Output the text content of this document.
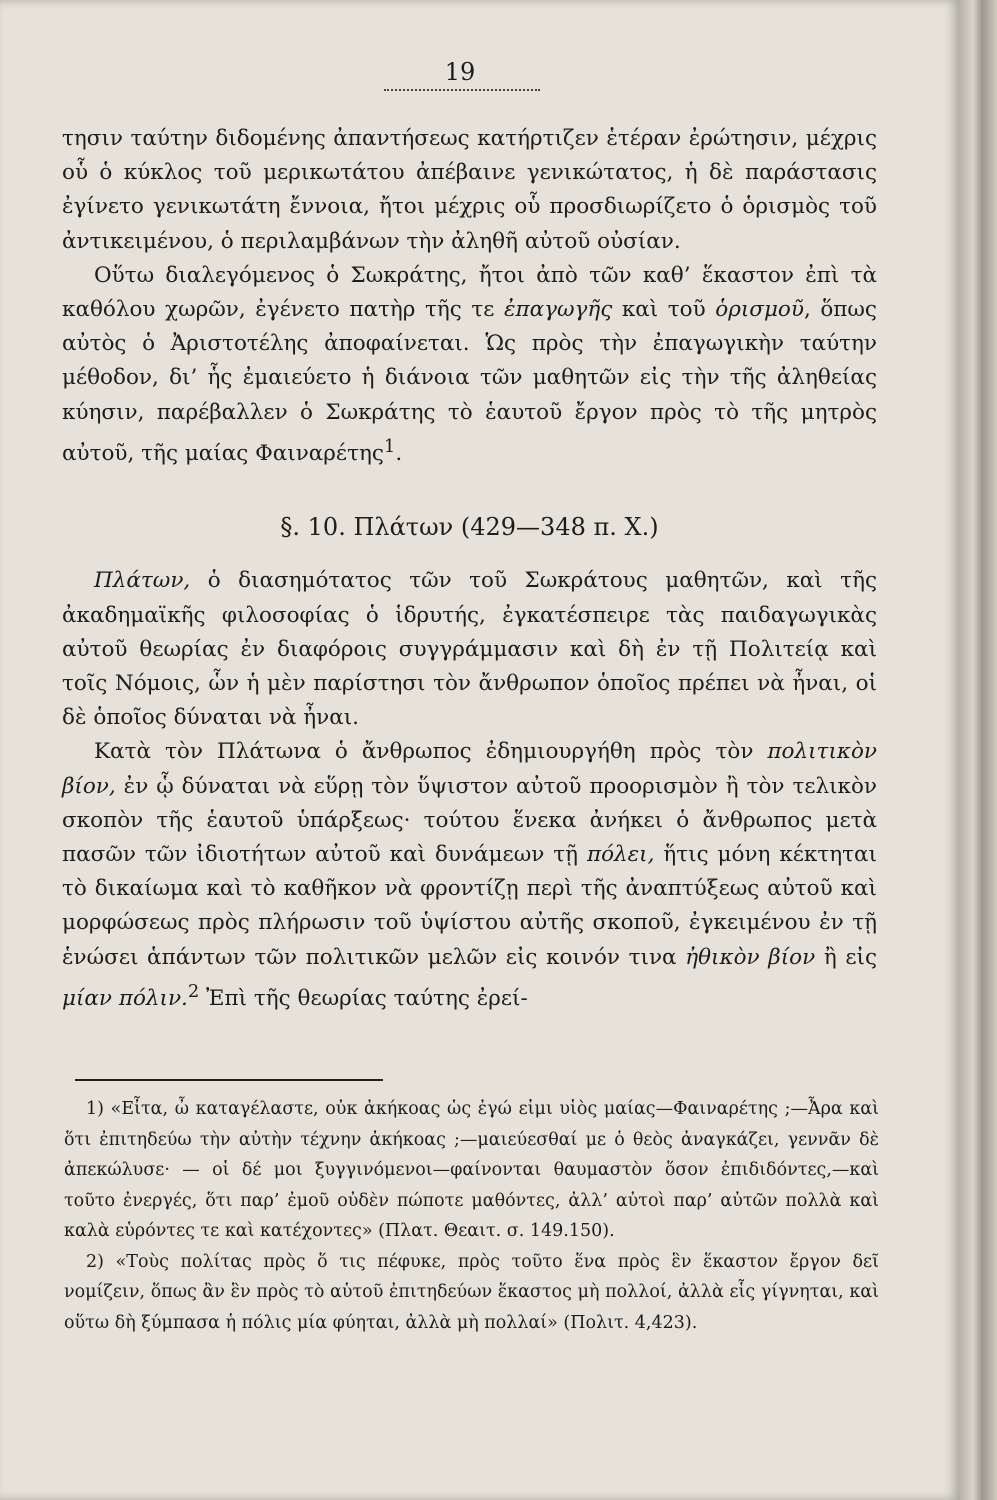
19

τησιν ταύτην διδομένης ἀπαντήσεως κατήρτιζεν ἑτέραν ἐρώτησιν, μέχρις οὗ ὁ κύκλος τοῦ μερικωτάτου ἀπέβαινε γενικώτατος, ἡ δὲ παράστασις ἐγίνετο γενικωτάτη ἔννοια, ἤτοι μέχρις οὗ προσδιωρίζετο ὁ ὁρισμὸς τοῦ ἀντικειμένου, ὁ περιλαμβάνων τὴν ἀληθῆ αὐτοῦ οὐσίαν.

Οὕτω διαλεγόμενος ὁ Σωκράτης, ἤτοι ἀπὸ τῶν καθ’ ἕκαστον ἐπὶ τὰ καθόλου χωρῶν, ἐγένετο πατὴρ τῆς τε ἐπαγωγῆς καὶ τοῦ ὁρισμοῦ, ὅπως αὐτὸς ὁ Ἀριστοτέλης ἀποφαίνεται. Ὡς πρὸς τὴν ἐπαγωγικὴν ταύτην μέθοδον, δι’ ἧς ἐμαιεύετο ἡ διάνοια τῶν μαθητῶν εἰς τὴν τῆς ἀληθείας κύησιν, παρέβαλλεν ὁ Σωκράτης τὸ ἑαυτοῦ ἔργον πρὸς τὸ τῆς μητρὸς αὐτοῦ, τῆς μαίας Φαιναρέτης$^1$.

§. 10. Πλάτων (429—348 π. Χ.)

Πλάτων, ὁ διασημότατος τῶν τοῦ Σωκράτους μαθητῶν, καὶ τῆς ἀκαδημαϊκῆς φιλοσοφίας ὁ ἱδρυτής, ἐγκατέσπειρε τὰς παιδαγωγικὰς αὐτοῦ θεωρίας ἐν διαφόροις συγγράμμασιν καὶ δὴ ἐν τῇ Πολιτείᾳ καὶ τοῖς Νόμοις, ὧν ἡ μὲν παρίστησι τὸν ἄνθρωπον ὁποῖος πρέπει νὰ ἦναι, οἱ δὲ ὁποῖος δύναται νὰ ἦναι.

Κατὰ τὸν Πλάτωνα ὁ ἄνθρωπος ἐδημιουργήθη πρὸς τὸν πολιτικὸν βίον, ἐν ᾧ δύναται νὰ εὕρῃ τὸν ὕψιστον αὐτοῦ προορισμὸν ἢ τὸν τελικὸν σκοπὸν τῆς ἑαυτοῦ ὑπάρξεως· τούτου ἕνεκα ἀνήκει ὁ ἄνθρωπος μετὰ πασῶν τῶν ἰδιοτήτων αὐτοῦ καὶ δυνάμεων τῇ πόλει, ἥτις μόνη κέκτηται τὸ δικαίωμα καὶ τὸ καθῆκον νὰ φροντίζῃ περὶ τῆς ἀναπτύξεως αὐτοῦ καὶ μορφώσεως πρὸς πλήρωσιν τοῦ ὑψίστου αὐτῆς σκοποῦ, ἐγκειμένου ἐν τῇ ἑνώσει ἁπάντων τῶν πολιτικῶν μελῶν εἰς κοινόν τινα ἠθικὸν βίον ἢ εἰς μίαν πόλιν.$^2$ Ἐπὶ τῆς θεωρίας ταύτης ἐρεί-

1) «Εἶτα, ὦ καταγέλαστε, οὐκ ἀκήκοας ὡς ἐγώ εἰμι υἱὸς μαίας—Φαιναρέτης ;—Ἆρα καὶ ὅτι ἐπιτηδεύω τὴν αὐτὴν τέχνην ἀκήκοας ;—μαιεύεσθαί με ὁ θεὸς ἀναγκάζει, γεννᾶν δὲ ἀπεκώλυσε· — οἱ δέ μοι ξυγγινόμενοι—φαίνονται θαυμαστὸν ὅσον ἐπιδιδόντες,—καὶ τοῦτο ἐνεργές, ὅτι παρ’ ἐμοῦ οὐδὲν πώποτε μαθόντες, ἀλλ’ αὐτοὶ παρ’ αὐτῶν πολλὰ καὶ καλὰ εὑρόντες τε καὶ κατέχοντες» (Πλατ. Θεαιτ. σ. 149.150).

2) «Τοὺς πολίτας πρὸς ὅ τις πέφυκε, πρὸς τοῦτο ἕνα πρὸς ἓν ἕκαστον ἔργον δεῖ νομίζειν, ὅπως ἂν ἓν πρὸς τὸ αὑτοῦ ἐπιτηδεύων ἕκαστος μὴ πολλοί, ἀλλὰ εἷς γίγνηται, καὶ οὕτω δὴ ξύμπασα ἡ πόλις μία φύηται, ἀλλὰ μὴ πολλαί» (Πολιτ. 4,423).
